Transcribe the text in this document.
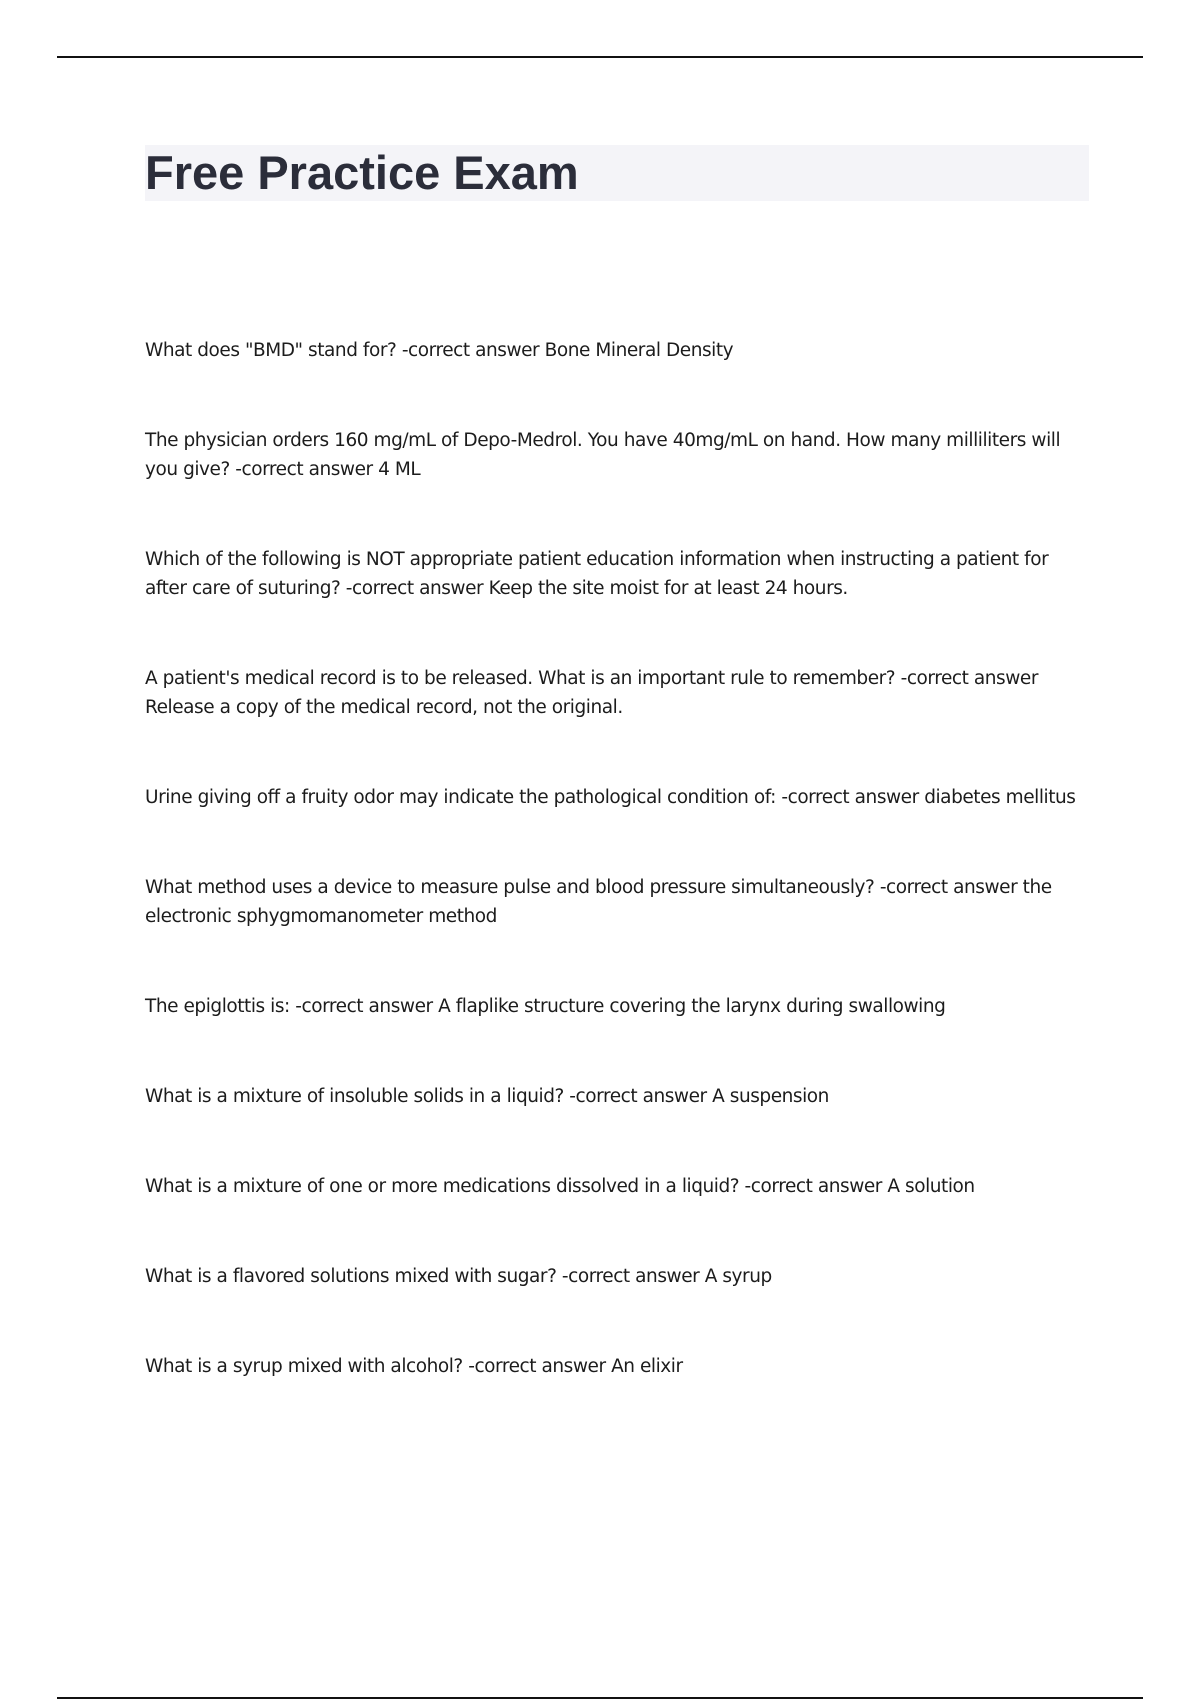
Free Practice Exam

What does "BMD" stand for? -correct answer Bone Mineral Density

The physician orders 160 mg/mL of Depo-Medrol. You have 40mg/mL on hand. How many milliliters will you give? -correct answer 4 ML

Which of the following is NOT appropriate patient education information when instructing a patient for after care of suturing? -correct answer Keep the site moist for at least 24 hours.

A patient's medical record is to be released. What is an important rule to remember? -correct answer Release a copy of the medical record, not the original.

Urine giving off a fruity odor may indicate the pathological condition of: -correct answer diabetes mellitus

What method uses a device to measure pulse and blood pressure simultaneously? -correct answer the electronic sphygmomanometer method

The epiglottis is: -correct answer A flaplike structure covering the larynx during swallowing

What is a mixture of insoluble solids in a liquid? -correct answer A suspension

What is a mixture of one or more medications dissolved in a liquid? -correct answer A solution

What is a flavored solutions mixed with sugar? -correct answer A syrup

What is a syrup mixed with alcohol? -correct answer An elixir
